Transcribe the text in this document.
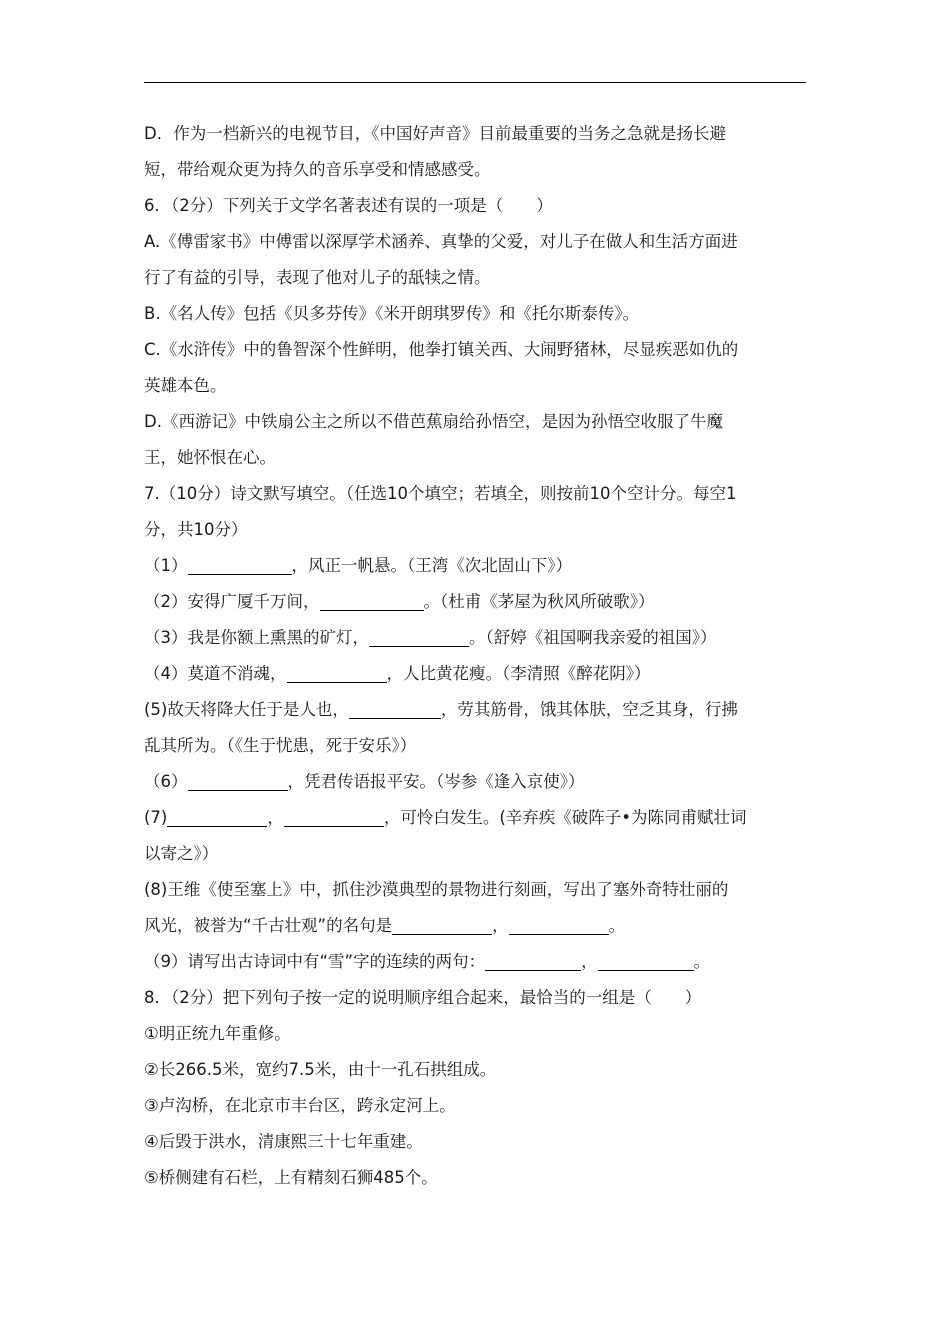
D．作为一档新兴的电视节目，《中国好声音》目前最重要的当务之急就是扬长避
短，带给观众更为持久的音乐享受和情感感受。
6．（2分）下列关于文学名著表述有误的一项是（　　）
A.《傅雷家书》中傅雷以深厚学术涵养、真挚的父爱，对儿子在做人和生活方面进
行了有益的引导，表现了他对儿子的舐犊之情。
B.《名人传》包括《贝多芬传》《米开朗琪罗传》和《托尔斯泰传》。
C.《水浒传》中的鲁智深个性鲜明，他拳打镇关西、大闹野猪林，尽显疾恶如仇的
英雄本色。
D.《西游记》中铁扇公主之所以不借芭蕉扇给孙悟空，是因为孙悟空收服了牛魔
王，她怀恨在心。
7.（10分）诗文默写填空。（任选10个填空；若填全，则按前10个空计分。每空1
分，共10分）
（1）	，风正一帆悬。（王湾《次北固山下》）
（2）安得广厦千万间，	。（杜甫《茅屋为秋风所破歌》）
（3）我是你额上熏黑的矿灯，	。（舒婷《祖国啊我亲爱的祖国》）
（4）莫道不消魂，	，人比黄花瘦。（李清照《醉花阴》）
(5)故天将降大任于是人也，	，劳其筋骨，饿其体肤，空乏其身，行拂
乱其所为。（《生于忧患，死于安乐》）
（6）	，凭君传语报平安。（岑参《逢入京使》）
(7)	，	，可怜白发生。(辛弃疾《破阵子•为陈同甫赋壮词
以寄之》）
(8)王维《使至塞上》中，抓住沙漠典型的景物进行刻画，写出了塞外奇特壮丽的
风光，被誉为“千古壮观”的名句是	，	。
（9）请写出古诗词中有“雪”字的连续的两句：	，	。
8．（2分）把下列句子按一定的说明顺序组合起来，最恰当的一组是（　　）
①明正统九年重修。
②长266.5米，宽约7.5米，由十一孔石拱组成。
③卢沟桥，在北京市丰台区，跨永定河上。
④后毁于洪水，清康熙三十七年重建。
⑤桥侧建有石栏，上有精刻石狮485个。
